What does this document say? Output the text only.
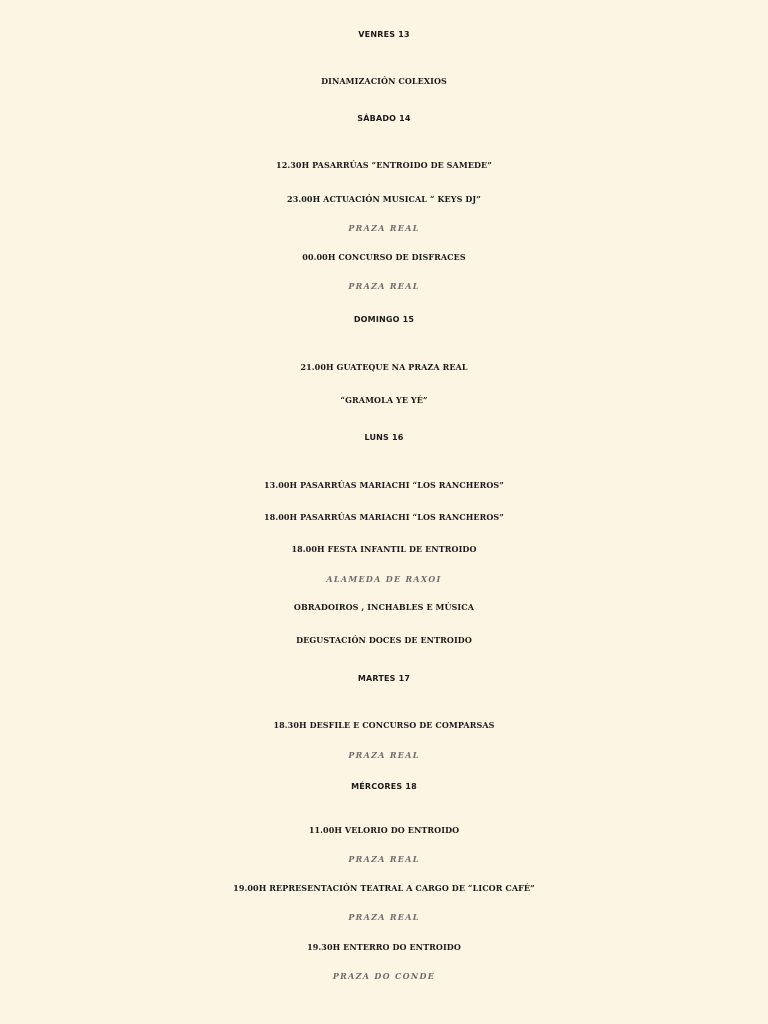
VENRES 13
DINAMIZACIÓN COLEXIOS
SÁBADO 14
12.30H PASARRÚAS ”ENTROIDO DE SAMEDE”
23.00H ACTUACIÓN MUSICAL “ KEYS DJ”
PRAZA REAL
00.00H CONCURSO DE DISFRACES
PRAZA REAL
DOMINGO 15
21.00H GUATEQUE NA PRAZA REAL
“GRAMOLA YE YÉ”
LUNS 16
13.00H PASARRÚAS MARIACHI “LOS RANCHEROS”
18.00H PASARRÚAS MARIACHI “LOS RANCHEROS”
18.00H FESTA INFANTIL DE ENTROIDO
ALAMEDA DE RAXOI
OBRADOIROS , INCHABLES E MÚSICA
DEGUSTACIÓN DOCES DE ENTROIDO
MARTES 17
18.30H DESFILE E CONCURSO DE COMPARSAS
PRAZA REAL
MÉRCORES 18
11.00H VELORIO DO ENTROIDO
PRAZA REAL
19.00H REPRESENTACIÓN TEATRAL A CARGO DE “LICOR CAFÉ”
PRAZA REAL
19.30H ENTERRO DO ENTROIDO
PRAZA DO CONDE
